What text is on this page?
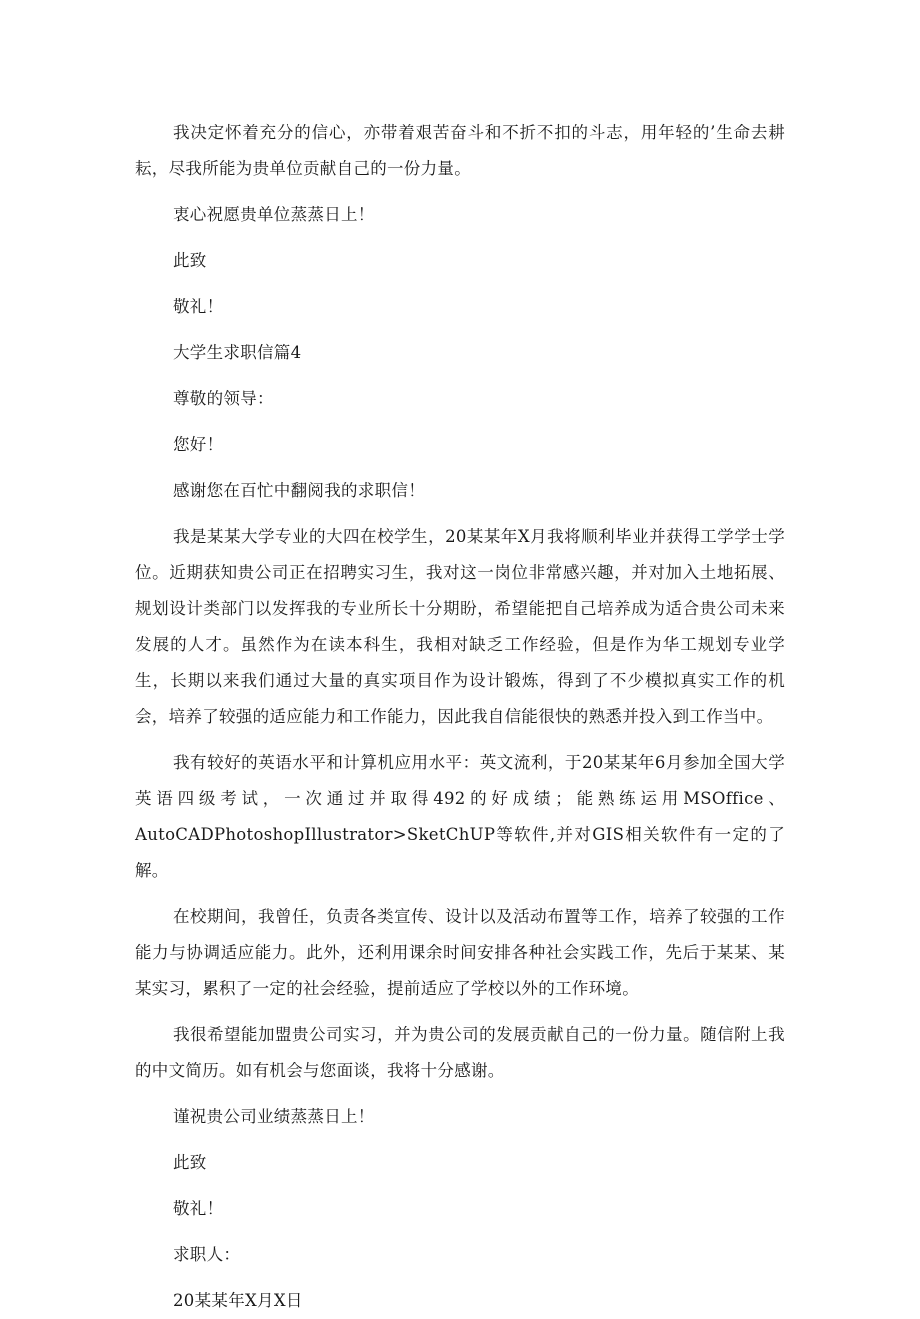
我决定怀着充分的信心，亦带着艰苦奋斗和不折不扣的斗志，用年轻的’生命去耕耘，尽我所能为贵单位贡献自己的一份力量。

衷心祝愿贵单位蒸蒸日上！

此致

敬礼！

大学生求职信篇4

尊敬的领导：

您好！

感谢您在百忙中翻阅我的求职信！

我是某某大学专业的大四在校学生，20某某年X月我将顺利毕业并获得工学学士学位。近期获知贵公司正在招聘实习生，我对这一岗位非常感兴趣，并对加入土地拓展、规划设计类部门以发挥我的专业所长十分期盼，希望能把自己培养成为适合贵公司未来发展的人才。虽然作为在读本科生，我相对缺乏工作经验，但是作为华工规划专业学生，长期以来我们通过大量的真实项目作为设计锻炼，得到了不少模拟真实工作的机会，培养了较强的适应能力和工作能力，因此我自信能很快的熟悉并投入到工作当中。

我有较好的英语水平和计算机应用水平：英文流利，于20某某年6月参加全国大学英语四级考试，一次通过并取得492的好成绩；能熟练运用MSOffice、AutoCADPhotoshopIllustrator>SketChUP等软件,并对GIS相关软件有一定的了解。

在校期间，我曾任，负责各类宣传、设计以及活动布置等工作，培养了较强的工作能力与协调适应能力。此外，还利用课余时间安排各种社会实践工作，先后于某某、某某实习，累积了一定的社会经验，提前适应了学校以外的工作环境。

我很希望能加盟贵公司实习，并为贵公司的发展贡献自己的一份力量。随信附上我的中文简历。如有机会与您面谈，我将十分感谢。

谨祝贵公司业绩蒸蒸日上！

此致

敬礼！

求职人：

20某某年X月X日
